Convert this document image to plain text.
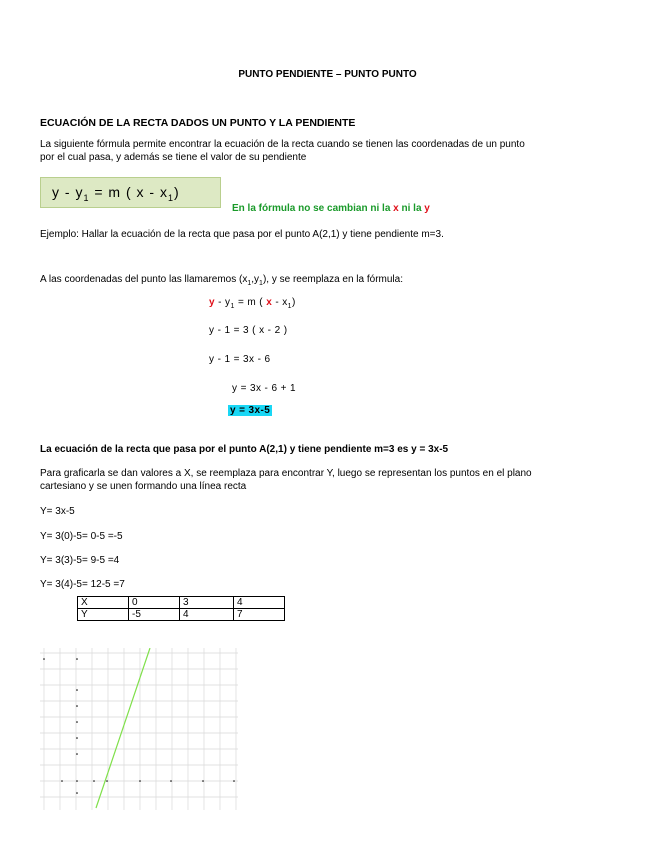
PUNTO PENDIENTE – PUNTO PUNTO
ECUACIÓN DE LA RECTA DADOS UN PUNTO Y LA PENDIENTE
La siguiente fórmula permite encontrar la ecuación de la recta cuando se tienen las coordenadas de un punto
por el cual pasa, y además se tiene el valor de su pendiente
$y - y_1 = m$ ( x - $x_1$)
En la fórmula no se cambian ni la x ni la y
Ejemplo: Hallar la ecuación de la recta que pasa por el punto A(2,1) y tiene pendiente m=3.
A las coordenadas del punto las llamaremos $(x_1,y_1)$, y se reemplaza en la fórmula:
$y - y_1 = m$ ( x - $x_1$)
y - 1 = 3 ( x - 2 )
y - 1 = 3x - 6
y = 3x - 6 + 1
y = 3x-5
La ecuación de la recta que pasa por el punto A(2,1) y tiene pendiente m=3 es y = 3x-5
Para graficarla se dan valores a X, se reemplaza para encontrar Y, luego se representan los puntos en el plano
cartesiano y se unen formando una línea recta
Y= 3x-5
Y= 3(0)-5= 0-5 =-5
Y= 3(3)-5= 9-5 =4
Y= 3(4)-5= 12-5 =7
X	0	3	4
Y	-5	4	7
